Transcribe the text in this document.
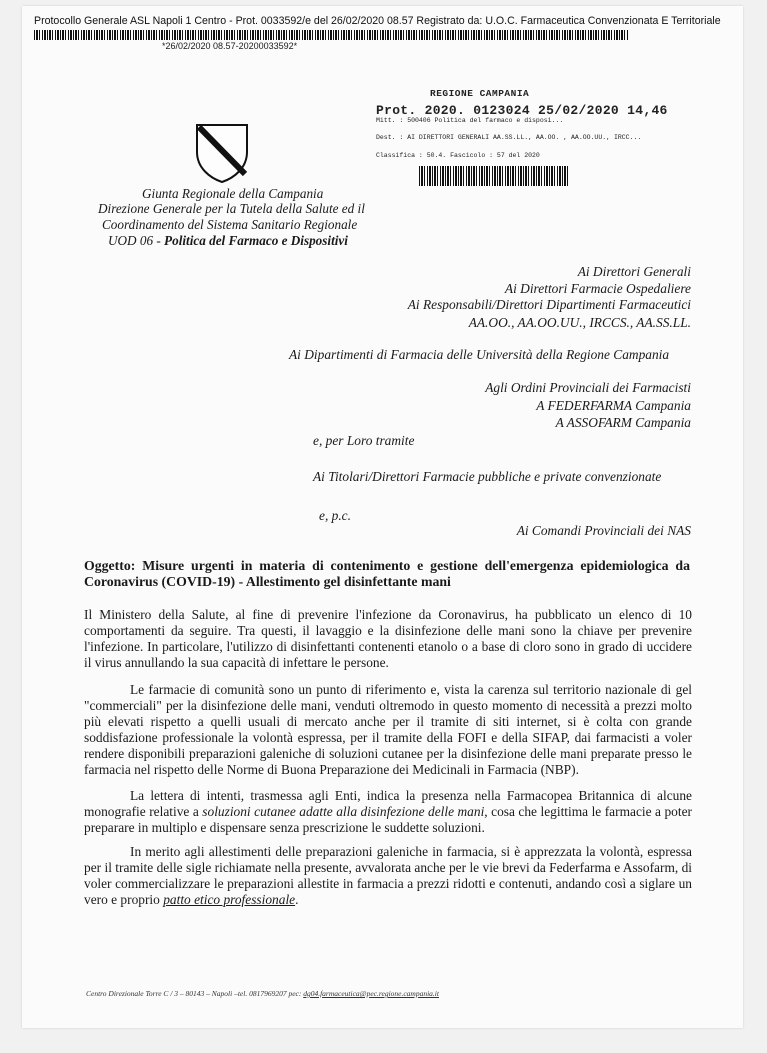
Protocollo Generale ASL Napoli 1 Centro - Prot. 0033592/e del 26/02/2020 08.57 Registrato da: U.O.C. Farmaceutica Convenzionata E Territoriale
*26/02/2020 08.57-20200033592*
REGIONE CAMPANIA
Prot. 2020. 0123024 25/02/2020 14,46
Mitt. : 500406 Politica del farmaco e disposi...
Dest. : AI DIRETTORI GENERALI AA.SS.LL., AA.OO. , AA.OO.UU., IRCC...
Classifica : 50.4. Fascicolo : 57 del 2020
Giunta Regionale della Campania
Direzione Generale per la Tutela della Salute ed il
Coordinamento del Sistema Sanitario Regionale
UOD 06 - Politica del Farmaco e Dispositivi
Ai Direttori Generali
Ai Direttori Farmacie Ospedaliere
Ai Responsabili/Direttori Dipartimenti Farmaceutici
AA.OO., AA.OO.UU., IRCCS., AA.SS.LL.
Ai Dipartimenti di Farmacia delle Università della Regione Campania
Agli Ordini Provinciali dei Farmacisti
A FEDERFARMA Campania
A ASSOFARM Campania
e, per Loro tramite
Ai Titolari/Direttori Farmacie pubbliche e private convenzionate
e, p.c.
Ai Comandi Provinciali dei NAS
Oggetto: Misure urgenti in materia di contenimento e gestione dell'emergenza epidemiologica da Coronavirus (COVID-19) - Allestimento gel disinfettante mani
Il Ministero della Salute, al fine di prevenire l'infezione da Coronavirus, ha pubblicato un elenco di 10 comportamenti da seguire. Tra questi, il lavaggio e la disinfezione delle mani sono la chiave per prevenire l'infezione. In particolare, l'utilizzo di disinfettanti contenenti etanolo o a base di cloro sono in grado di uccidere il virus annullando la sua capacità di infettare le persone.
Le farmacie di comunità sono un punto di riferimento e, vista la carenza sul territorio nazionale di gel "commerciali" per la disinfezione delle mani, venduti oltremodo in questo momento di necessità a prezzi molto più elevati rispetto a quelli usuali di mercato anche per il tramite di siti internet, si è colta con grande soddisfazione professionale la volontà espressa, per il tramite della FOFI e della SIFAP, dai farmacisti a voler rendere disponibili preparazioni galeniche di soluzioni cutanee per la disinfezione delle mani preparate presso le farmacia nel rispetto delle Norme di Buona Preparazione dei Medicinali in Farmacia (NBP).
La lettera di intenti, trasmessa agli Enti, indica la presenza nella Farmacopea Britannica di alcune monografie relative a soluzioni cutanee adatte alla disinfezione delle mani, cosa che legittima le farmacie a poter preparare in multiplo e dispensare senza prescrizione le suddette soluzioni.
In merito agli allestimenti delle preparazioni galeniche in farmacia, si è apprezzata la volontà, espressa per il tramite delle sigle richiamate nella presente, avvalorata anche per le vie brevi da Federfarma e Assofarm, di voler commercializzare le preparazioni allestite in farmacia a prezzi ridotti e contenuti, andando così a siglare un vero e proprio patto etico professionale.
Centro Direzionale Torre C / 3 – 80143 – Napoli –tel. 0817969207 pec: dg04.farmaceutica@pec.regione.campania.it
